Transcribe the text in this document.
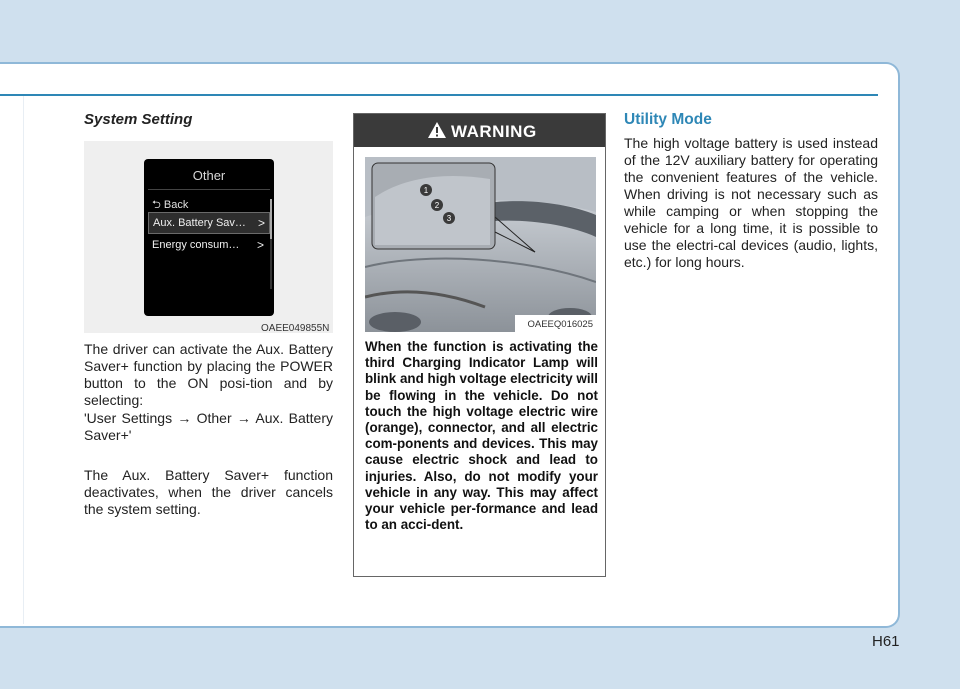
System Setting
Other
⮌ Back
Aux. Battery Sav… >
Energy consum… >
OAEE049855N

The driver can activate the Aux. Battery Saver+ function by placing the POWER button to the ON posi-tion and by selecting:

'User Settings → Other → Aux. Battery Saver+'

The Aux. Battery Saver+ function deactivates, when the driver cancels the system setting.

WARNING
1
2
3
OAEEQ016025

When the function is activating the third Charging Indicator Lamp will blink and high voltage electricity will be flowing in the vehicle. Do not touch the high voltage electric wire (orange), connector, and all electric com-ponents and devices. This may cause electric shock and lead to injuries. Also, do not modify your vehicle in any way. This may affect your vehicle per-formance and lead to an acci-dent.

Utility Mode

The high voltage battery is used instead of the 12V auxiliary battery for operating the convenient features of the vehicle. When driving is not necessary such as while camping or when stopping the vehicle for a long time, it is possible to use the electri-cal devices (audio, lights, etc.) for long hours.

H61
